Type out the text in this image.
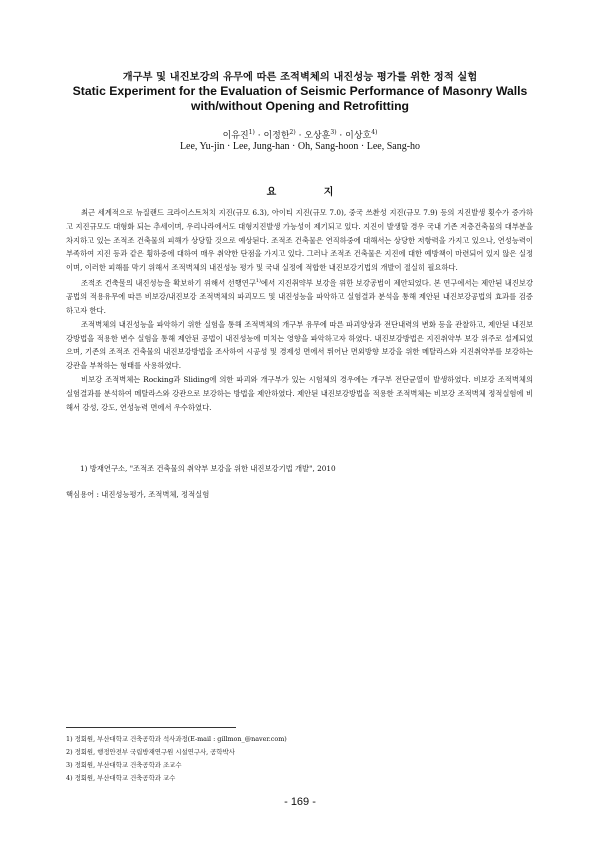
개구부 및 내진보강의 유무에 따른 조적벽체의 내진성능 평가를 위한 정적 실험
Static Experiment for the Evaluation of Seismic Performance of Masonry Walls
with/without Opening and Retrofitting
이유진$^{1)}$ · 이정한$^{2)}$ · 오상훈$^{3)}$ · 이상호$^{4)}$
Lee, Yu-jin · Lee, Jung-han · Oh, Sang-hoon · Lee, Sang-ho
요 지

최근 세계적으로 뉴질랜드 크라이스트처치 지진(규모 6.3), 아이티 지진(규모 7.0), 중국 쓰촨성 지진(규모 7.9) 등의 지진발생 횟수가 증가하고 지진규모도 대형화 되는 추세이며, 우리나라에서도 대형지진발생 가능성이 제기되고 있다. 지진이 발생할 경우 국내 기존 저층건축물의 대부분을 차지하고 있는 조적조 건축물의 피해가 상당할 것으로 예상된다. 조적조 건축물은 연직하중에 대해서는 상당한 저항력을 가지고 있으나, 연성능력이 부족하여 지진 등과 같은 횡하중에 대하여 매우 취약한 단점을 가지고 있다. 그러나 조적조 건축물은 지진에 대한 예방책이 마련되어 있지 않은 실정이며, 이러한 피해를 막기 위해서 조적벽체의 내진성능 평가 및 국내 실정에 적합한 내진보강기법의 개발이 절실히 필요하다.

조적조 건축물의 내진성능을 확보하기 위해서 선행연구$^{1)}$에서 지진취약부 보강을 위한 보강공법이 제안되었다. 본 연구에서는 제안된 내진보강공법의 적용유무에 따른 비보강/내진보강 조적벽체의 파괴모드 및 내진성능을 파악하고 실험결과 분석을 통해 제안된 내진보강공법의 효과를 검증하고자 한다.

조적벽체의 내진성능을 파악하기 위한 실험을 통해 조적벽체의 개구부 유무에 따른 파괴양상과 전단내력의 변화 등을 관찰하고, 제안된 내진보강방법을 적용한 변수 실험을 통해 제안된 공법이 내진성능에 미치는 영향을 파악하고자 하였다. 내진보강방법은 지진취약부 보강 위주로 설계되었으며, 기존의 조적조 건축물의 내진보강방법을 조사하여 시공성 및 경제성 면에서 뛰어난 면외방향 보강을 위한 메탈라스와 지진취약부를 보강하는 강관을 부착하는 형태를 사용하였다.

비보강 조적벽체는 Rocking과 Sliding에 의한 파괴와 개구부가 있는 시험체의 경우에는 개구부 전단균열이 발생하였다. 비보강 조적벽체의 실험결과를 분석하여 메탈라스와 강관으로 보강하는 방법을 제안하였다. 제안된 내진보강방법을 적용한 조적벽체는 비보강 조적벽체 정적실험에 비해서 강성, 강도, 연성능력 면에서 우수하였다.

1) 방재연구소, "조적조 건축물의 취약부 보강을 위한 내진보강기법 개발", 2010
핵심용어 : 내진성능평가, 조적벽체, 정적실험
1) 정회원, 부산대학교 건축공학과 석사과정(E-mail : gillmon_@naver.com)
2) 정회원, 행정안전부 국립방재연구원 시설연구사, 공학박사
3) 정회원, 부산대학교 건축공학과 조교수
4) 정회원, 부산대학교 건축공학과 교수
- 169 -
